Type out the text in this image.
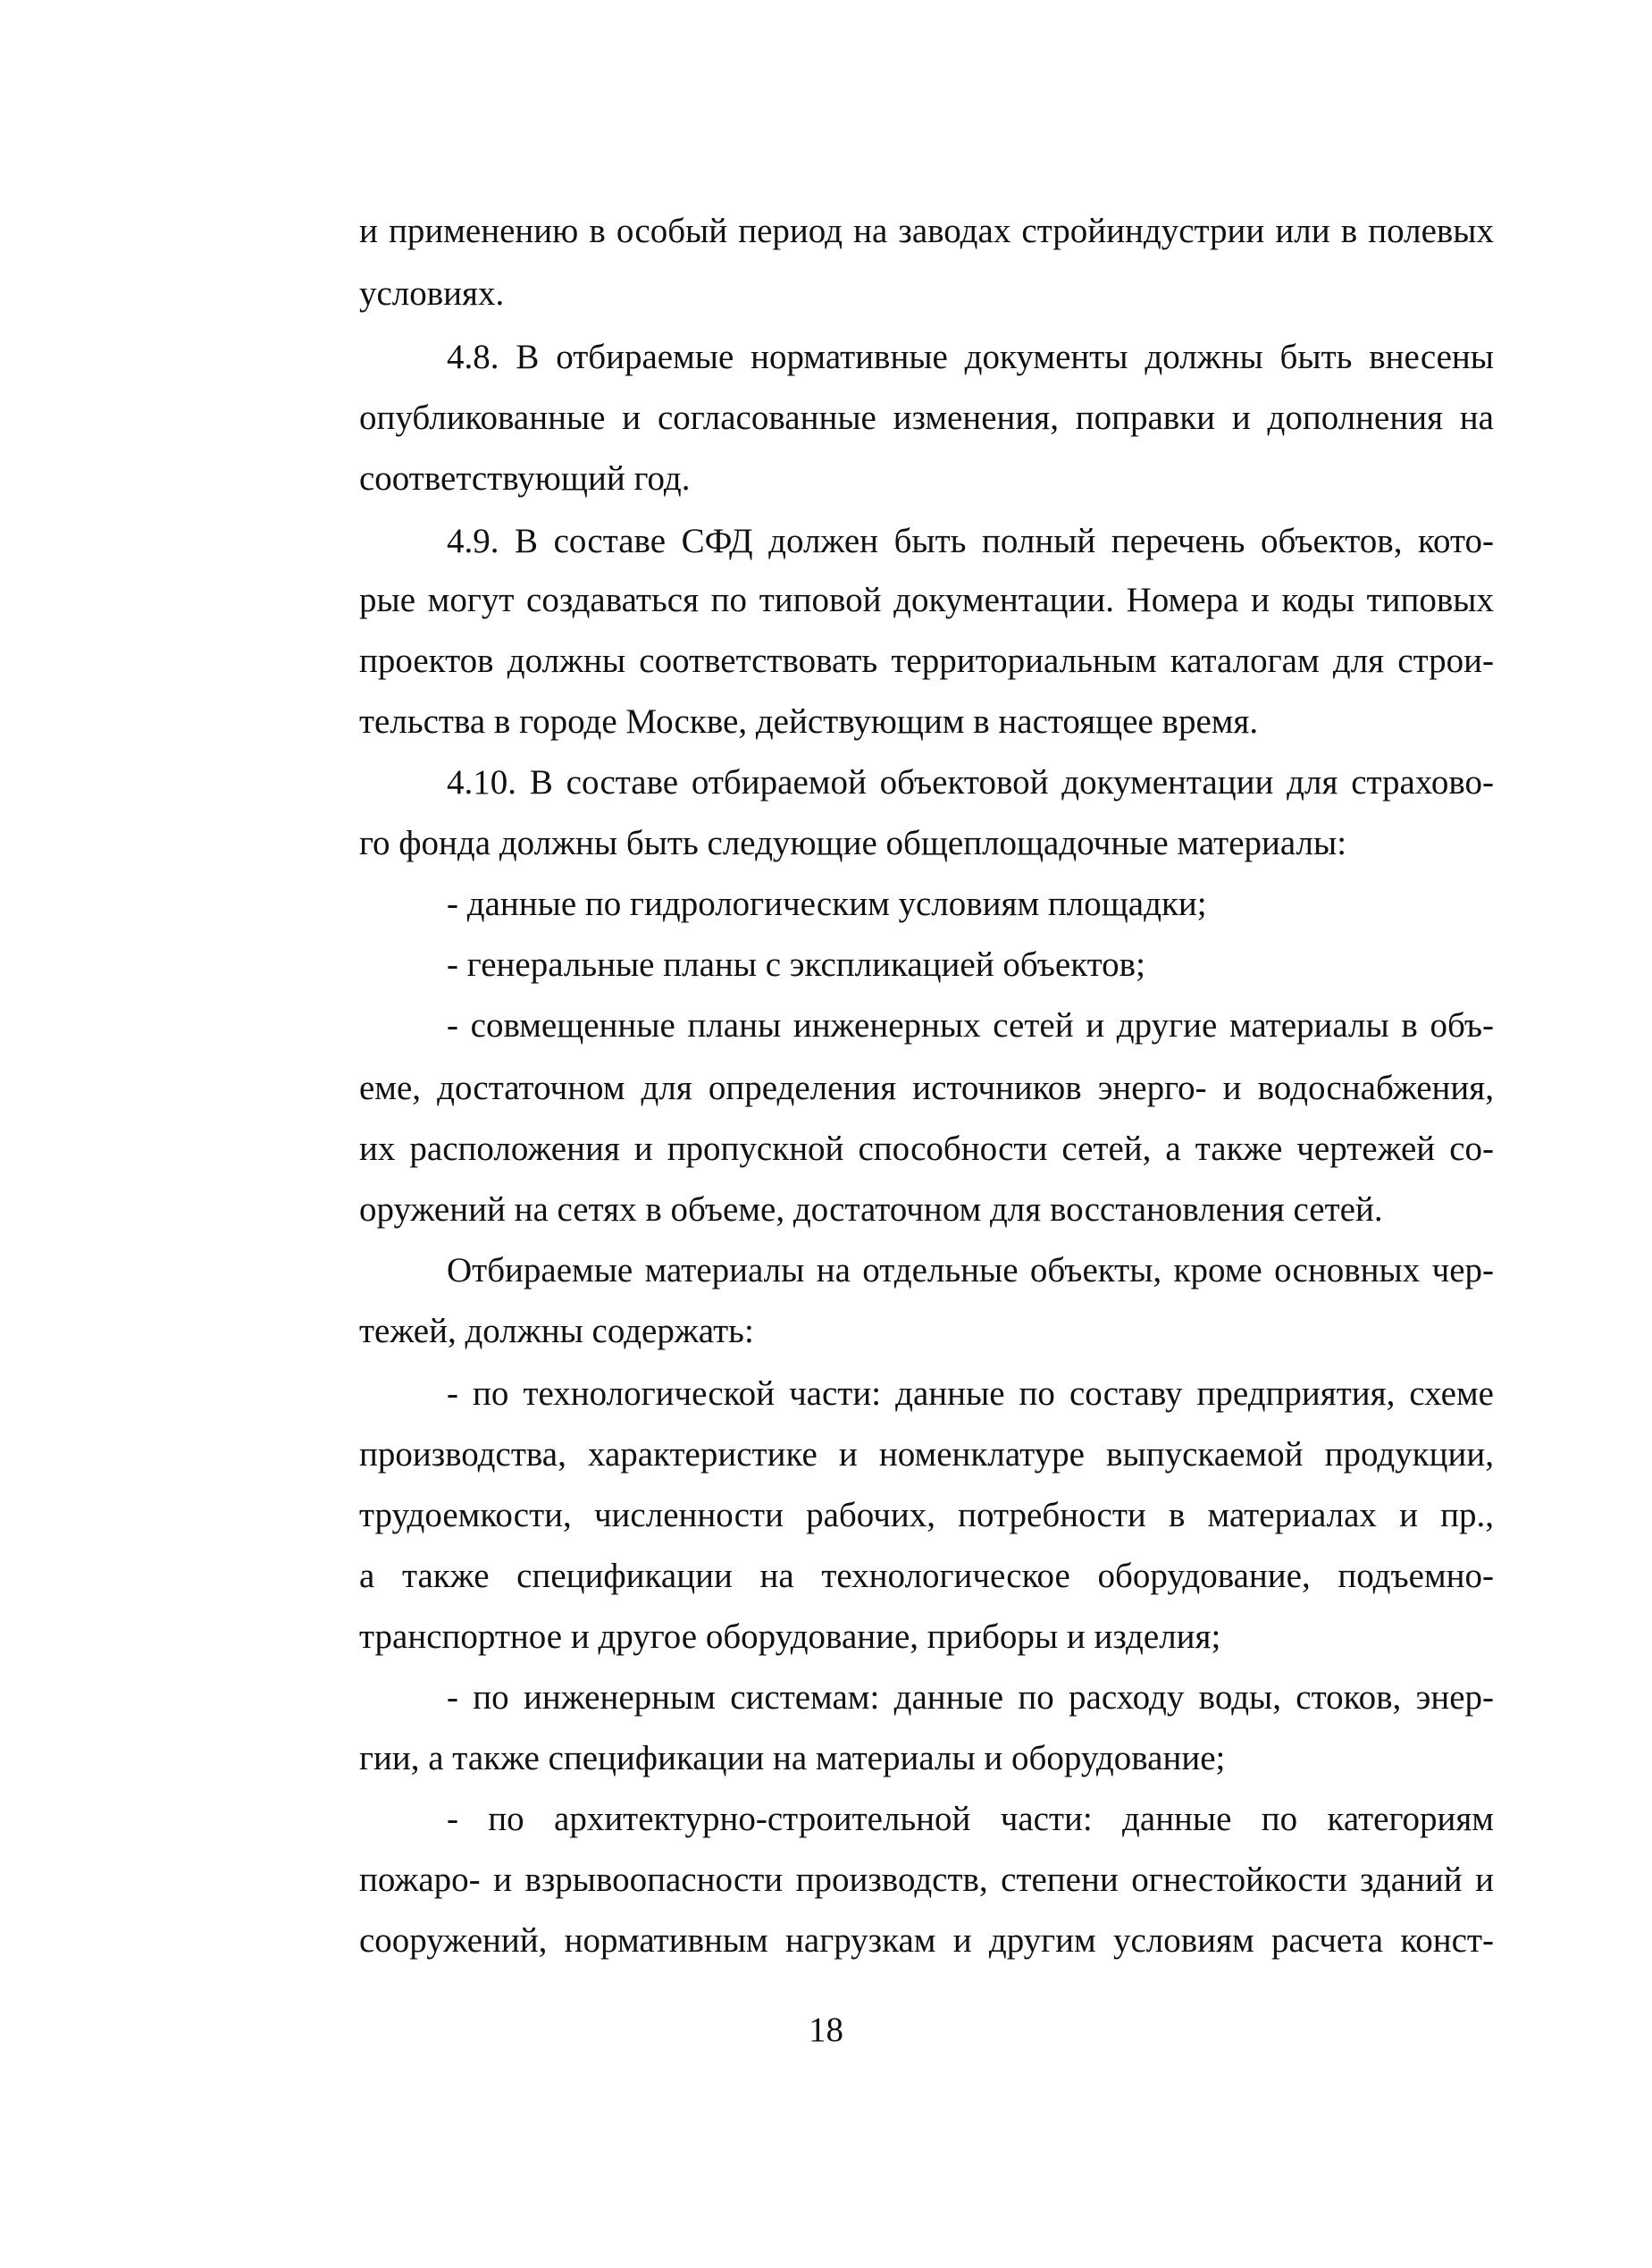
и применению в особый период на заводах стройиндустрии или в полевых
условиях.
4.8. В отбираемые нормативные документы должны быть внесены
опубликованные и согласованные изменения, поправки и дополнения на
соответствующий год.
4.9. В составе СФД должен быть полный перечень объектов, кото-
рые могут создаваться по типовой документации. Номера и коды типовых
проектов должны соответствовать территориальным каталогам для строи-
тельства в городе Москве, действующим в настоящее время.
4.10. В составе отбираемой объектовой документации для страхово-
го фонда должны быть следующие общеплощадочные материалы:
- данные по гидрологическим условиям площадки;
- генеральные планы с экспликацией объектов;
- совмещенные планы инженерных сетей и другие материалы в объ-
еме, достаточном для определения источников энерго- и водоснабжения,
их расположения и пропускной способности сетей, а также чертежей со-
оружений на сетях в объеме, достаточном для восстановления сетей.
Отбираемые материалы на отдельные объекты, кроме основных чер-
тежей, должны содержать:
- по технологической части: данные по составу предприятия, схеме
производства, характеристике и номенклатуре выпускаемой продукции,
трудоемкости, численности рабочих, потребности в материалах и пр.,
а также спецификации на технологическое оборудование, подъемно-
транспортное и другое оборудование, приборы и изделия;
- по инженерным системам: данные по расходу воды, стоков, энер-
гии, а также спецификации на материалы и оборудование;
- по архитектурно-строительной части: данные по категориям
пожаро- и взрывоопасности производств, степени огнестойкости зданий и
сооружений, нормативным нагрузкам и другим условиям расчета конст-
18
